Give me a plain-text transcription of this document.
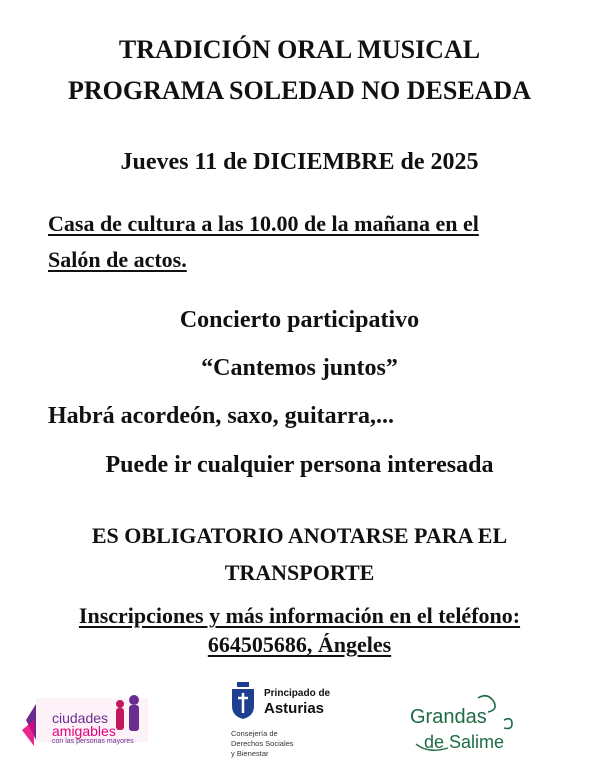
TRADICIÓN ORAL MUSICAL
PROGRAMA SOLEDAD NO DESEADA
Jueves 11 de DICIEMBRE de 2025
Casa de cultura a las 10.00 de la mañana en el
Salón de actos.
Concierto participativo
“Cantemos juntos”
Habrá acordeón, saxo, guitarra,...
Puede ir cualquier persona interesada
ES OBLIGATORIO ANOTARSE PARA EL
TRANSPORTE
Inscripciones y más información en el teléfono:
664505686, Ángeles
ciudades
amigables
con las personas mayores
Principado de
Asturias
Consejería de
Derechos Sociales
y Bienestar
Grandas
de Salime
